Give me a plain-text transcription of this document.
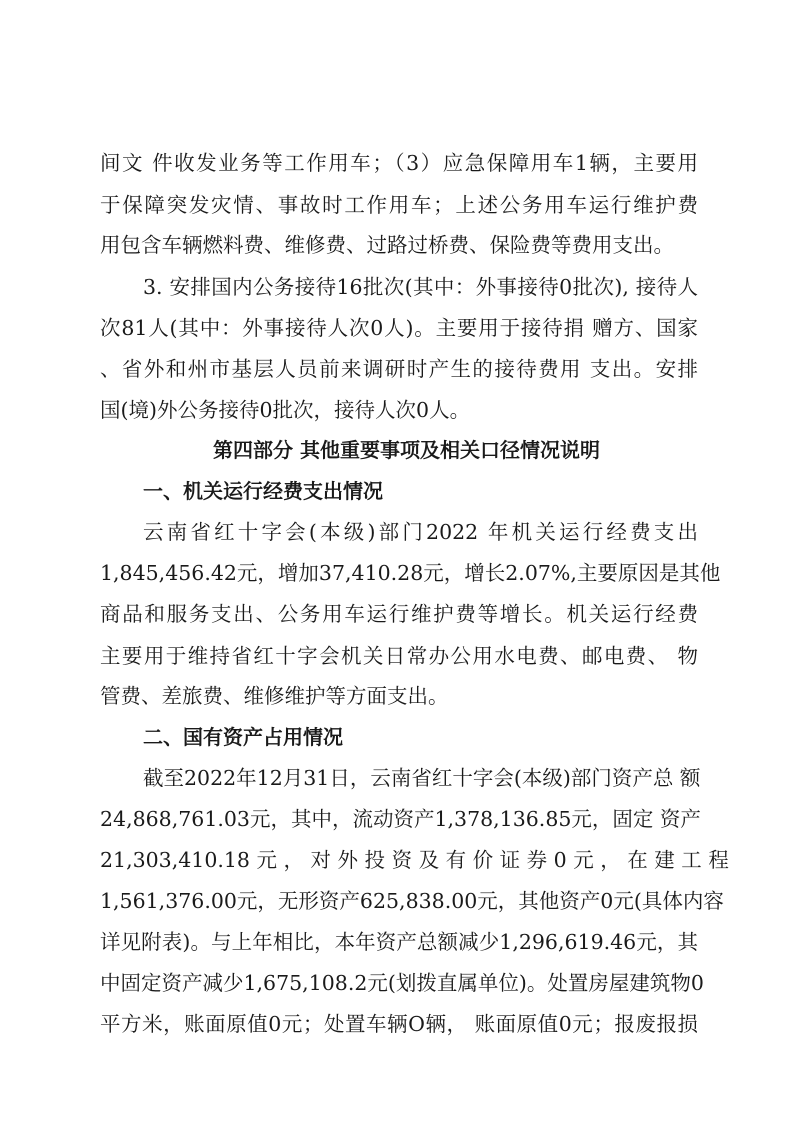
间文 件收发业务等工作用车；（3）应急保障用车1辆，主要用
于保障突发灾情、事故时工作用车；上述公务用车运行维护费
用包含车辆燃料费、维修费、过路过桥费、保险费等费用支出。
3. 安排国内公务接待16批次(其中：外事接待0批次), 接待人
次81人(其中：外事接待人次0人)。主要用于接待捐 赠方、国家
、省外和州市基层人员前来调研时产生的接待费用 支出。安排
国(境)外公务接待0批次，接待人次0人。
第四部分 其他重要事项及相关口径情况说明
一、机关运行经费支出情况
云南省红十字会(本级)部门2022 年机关运行经费支出
1,845,456.42元，增加37,410.28元，增长2.07%,主要原因是其他
商品和服务支出、公务用车运行维护费等增长。机关运行经费
主要用于维持省红十字会机关日常办公用水电费、邮电费、 物
管费、差旅费、维修维护等方面支出。
二、国有资产占用情况
截至2022年12月31日，云南省红十字会(本级)部门资产总 额
24,868,761.03元，其中，流动资产1,378,136.85元，固定 资产
21,303,410.18 元 ， 对 外 投 资 及 有 价 证 券 0 元 ， 在 建 工 程
1,561,376.00元，无形资产625,838.00元，其他资产0元(具体内容
详见附表)。与上年相比，本年资产总额减少1,296,619.46元，其
中固定资产减少1,675,108.2元(划拨直属单位)。处置房屋建筑物0
平方米，账面原值0元；处置车辆O辆， 账面原值0元；报废报损
